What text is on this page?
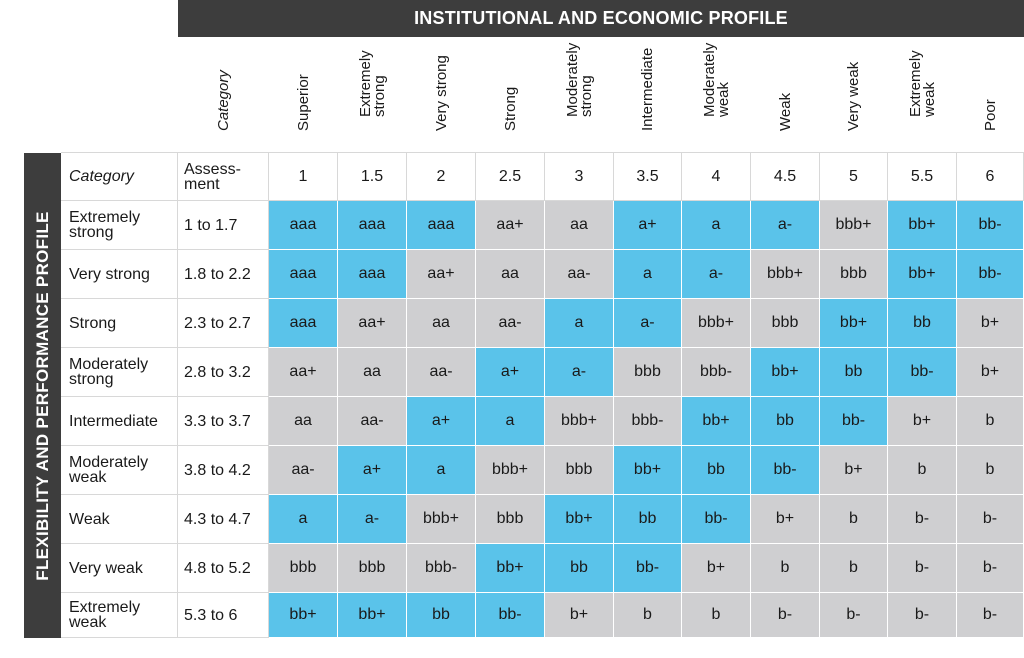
INSTITUTIONAL AND ECONOMIC PROFILE
FLEXIBILITY AND PERFORMANCE PROFILE
Category	Superior	Extremely
strong	Very strong	Strong	Moderately
strong	Intermediate	Moderately
weak	Weak	Very weak	Extremely
weak	Poor
Category	Assess-
ment	1	1.5	2	2.5	3	3.5	4	4.5	5	5.5	6
Extremely
strong	1 to 1.7	aaa	aaa	aaa	aa+	aa	a+	a	a-	bbb+	bb+	bb-
Very strong	1.8 to 2.2	aaa	aaa	aa+	aa	aa-	a	a-	bbb+	bbb	bb+	bb-
Strong	2.3 to 2.7	aaa	aa+	aa	aa-	a	a-	bbb+	bbb	bb+	bb	b+
Moderately
strong	2.8 to 3.2	aa+	aa	aa-	a+	a-	bbb	bbb-	bb+	bb	bb-	b+
Intermediate	3.3 to 3.7	aa	aa-	a+	a	bbb+	bbb-	bb+	bb	bb-	b+	b
Moderately
weak	3.8 to 4.2	aa-	a+	a	bbb+	bbb	bb+	bb	bb-	b+	b	b
Weak	4.3 to 4.7	a	a-	bbb+	bbb	bb+	bb	bb-	b+	b	b-	b-
Very weak	4.8 to 5.2	bbb	bbb	bbb-	bb+	bb	bb-	b+	b	b	b-	b-
Extremely
weak	5.3 to 6	bb+	bb+	bb	bb-	b+	b	b	b-	b-	b-	b-
